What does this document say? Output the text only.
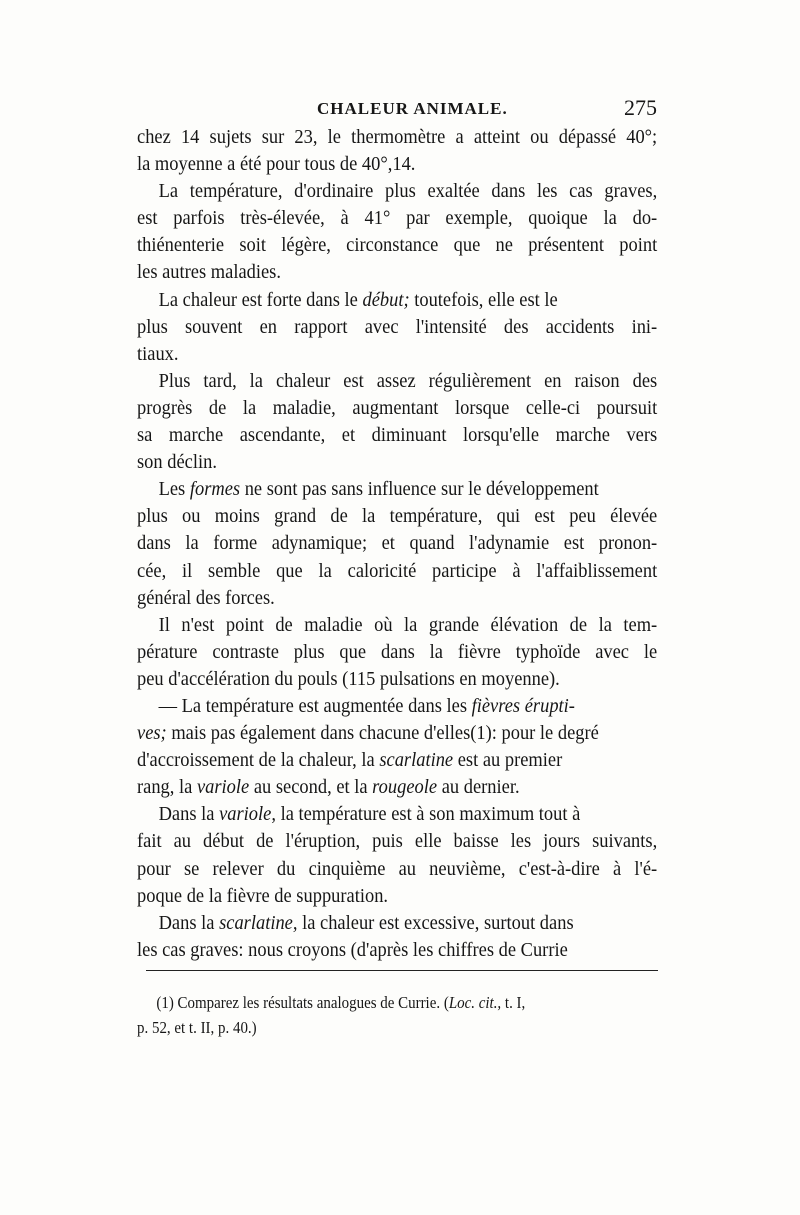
CHALEUR ANIMALE.	275
chez 14 sujets sur 23, le thermomètre a atteint ou dépassé 40°;
la moyenne a été pour tous de 40°,14.
La température, d'ordinaire plus exaltée dans les cas graves,
est parfois très-élevée, à 41° par exemple, quoique la do-
thiénenterie soit légère, circonstance que ne présentent point
les autres maladies.
La chaleur est forte dans le début; toutefois, elle est le
plus souvent en rapport avec l'intensité des accidents ini-
tiaux.
Plus tard, la chaleur est assez régulièrement en raison des
progrès de la maladie, augmentant lorsque celle-ci poursuit
sa marche ascendante, et diminuant lorsqu'elle marche vers
son déclin.
Les formes ne sont pas sans influence sur le développement
plus ou moins grand de la température, qui est peu élevée
dans la forme adynamique; et quand l'adynamie est pronon-
cée, il semble que la caloricité participe à l'affaiblissement
général des forces.
Il n'est point de maladie où la grande élévation de la tem-
pérature contraste plus que dans la fièvre typhoïde avec le
peu d'accélération du pouls (115 pulsations en moyenne).
— La température est augmentée dans les fièvres érupti-
ves; mais pas également dans chacune d'elles(1): pour le degré
d'accroissement de la chaleur, la scarlatine est au premier
rang, la variole au second, et la rougeole au dernier.
Dans la variole, la température est à son maximum tout à
fait au début de l'éruption, puis elle baisse les jours suivants,
pour se relever du cinquième au neuvième, c'est-à-dire à l'é-
poque de la fièvre de suppuration.
Dans la scarlatine, la chaleur est excessive, surtout dans
les cas graves: nous croyons (d'après les chiffres de Currie
(1) Comparez les résultats analogues de Currie. (Loc. cit., t. I,
p. 52, et t. II, p. 40.)
